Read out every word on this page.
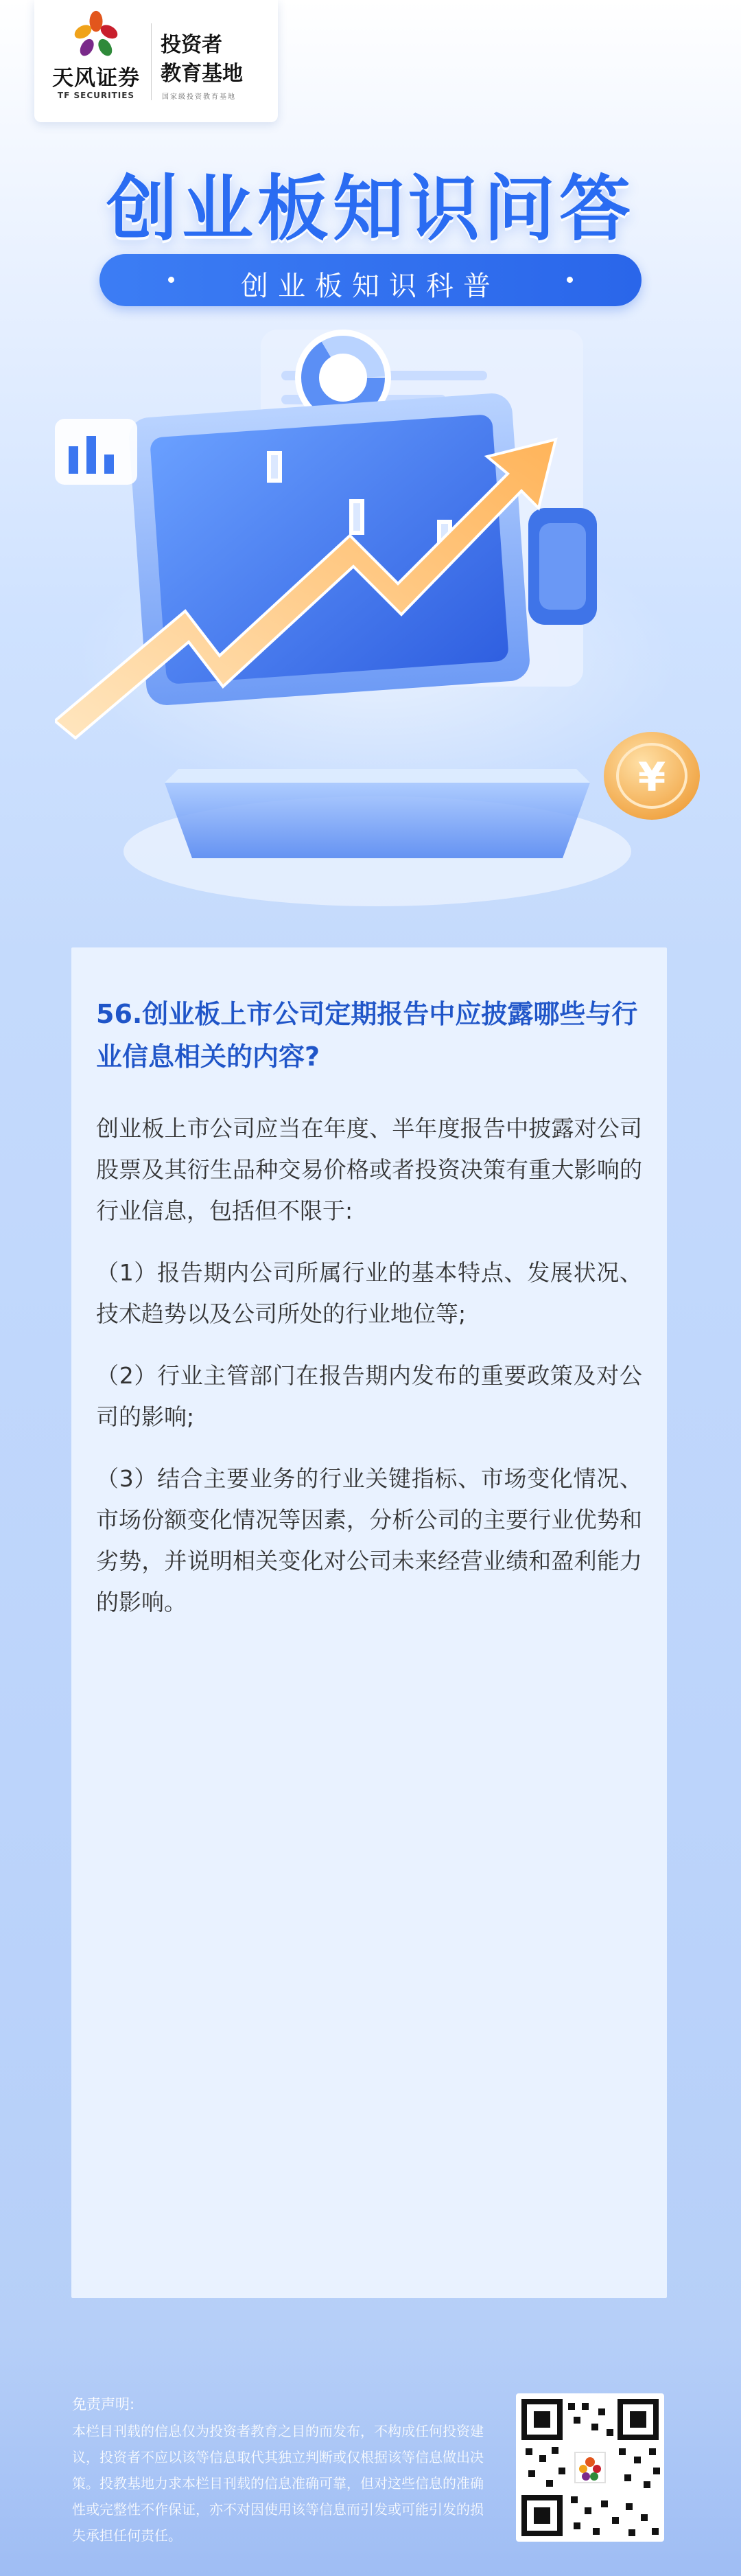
天风证券
TF SECURITIES
投资者
教育基地
国家级投资教育基地
创业板知识问答
创业板知识科普
¥
56.创业板上市公司定期报告中应披露哪些与行业信息相关的内容?

创业板上市公司应当在年度、半年度报告中披露对公司股票及其衍生品种交易价格或者投资决策有重大影响的行业信息，包括但不限于:

（1）报告期内公司所属行业的基本特点、发展状况、技术趋势以及公司所处的行业地位等;

（2）行业主管部门在报告期内发布的重要政策及对公司的影响;

（3）结合主要业务的行业关键指标、市场变化情况、市场份额变化情况等因素，分析公司的主要行业优势和劣势，并说明相关变化对公司未来经营业绩和盈利能力的影响。

免责声明:
本栏目刊载的信息仅为投资者教育之目的而发布，不构成任何投资建议，投资者不应以该等信息取代其独立判断或仅根据该等信息做出决策。投教基地力求本栏目刊载的信息准确可靠，但对这些信息的准确性或完整性不作保证，亦不对因使用该等信息而引发或可能引发的损失承担任何责任。
